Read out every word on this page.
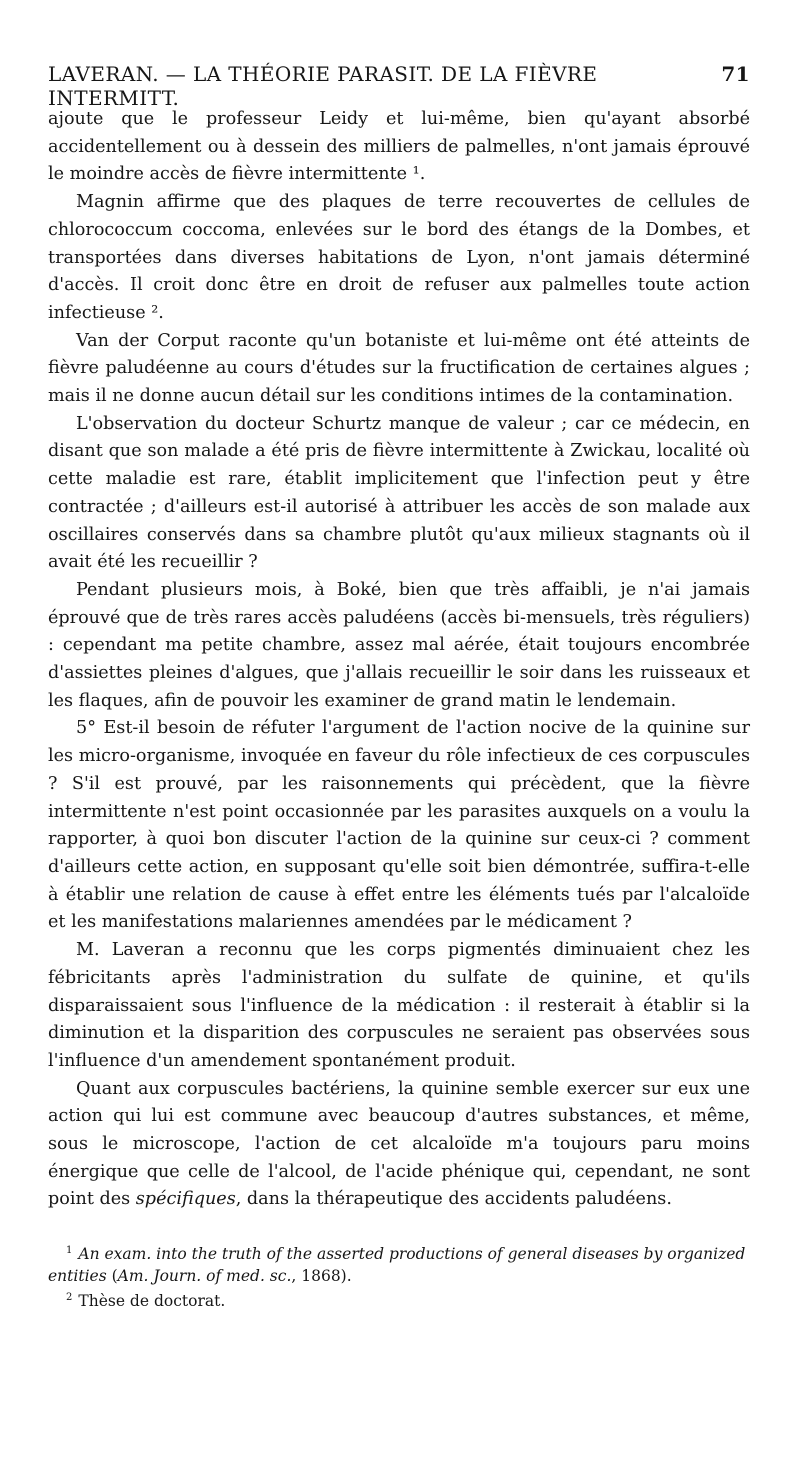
LAVERAN. — LA THÉORIE PARASIT. DE LA FIÈVRE INTERMITT.
71

ajoute que le professeur Leidy et lui-même, bien qu'ayant absorbé accidentellement ou à dessein des milliers de palmelles, n'ont jamais éprouvé le moindre accès de fièvre intermittente ¹.

Magnin affirme que des plaques de terre recouvertes de cellules de chlorococcum coccoma, enlevées sur le bord des étangs de la Dombes, et transportées dans diverses habitations de Lyon, n'ont jamais déterminé d'accès. Il croit donc être en droit de refuser aux palmelles toute action infectieuse ².

Van der Corput raconte qu'un botaniste et lui-même ont été atteints de fièvre paludéenne au cours d'études sur la fructification de certaines algues ; mais il ne donne aucun détail sur les conditions intimes de la contamination.

L'observation du docteur Schurtz manque de valeur ; car ce médecin, en disant que son malade a été pris de fièvre intermittente à Zwickau, localité où cette maladie est rare, établit implicitement que l'infection peut y être contractée ; d'ailleurs est-il autorisé à attribuer les accès de son malade aux oscillaires conservés dans sa chambre plutôt qu'aux milieux stagnants où il avait été les recueillir ?

Pendant plusieurs mois, à Boké, bien que très affaibli, je n'ai jamais éprouvé que de très rares accès paludéens (accès bi-mensuels, très réguliers) : cependant ma petite chambre, assez mal aérée, était toujours encombrée d'assiettes pleines d'algues, que j'allais recueillir le soir dans les ruisseaux et les flaques, afin de pouvoir les examiner de grand matin le lendemain.

5° Est-il besoin de réfuter l'argument de l'action nocive de la quinine sur les micro-organisme, invoquée en faveur du rôle infectieux de ces corpuscules ? S'il est prouvé, par les raisonnements qui précèdent, que la fièvre intermittente n'est point occasionnée par les parasites auxquels on a voulu la rapporter, à quoi bon discuter l'action de la quinine sur ceux-ci ? comment d'ailleurs cette action, en supposant qu'elle soit bien démontrée, suffira-t-elle à établir une relation de cause à effet entre les éléments tués par l'alcaloïde et les manifestations malariennes amendées par le médicament ?

M. Laveran a reconnu que les corps pigmentés diminuaient chez les fébricitants après l'administration du sulfate de quinine, et qu'ils disparaissaient sous l'influence de la médication : il resterait à établir si la diminution et la disparition des corpuscules ne seraient pas observées sous l'influence d'un amendement spontanément produit.

Quant aux corpuscules bactériens, la quinine semble exercer sur eux une action qui lui est commune avec beaucoup d'autres substances, et même, sous le microscope, l'action de cet alcaloïde m'a toujours paru moins énergique que celle de l'alcool, de l'acide phénique qui, cependant, ne sont point des spécifiques, dans la thérapeutique des accidents paludéens.

$^1$ An exam. into the truth of the asserted productions of general diseases by organized entities (Am. Journ. of med. sc., 1868).

$^2$ Thèse de doctorat.
